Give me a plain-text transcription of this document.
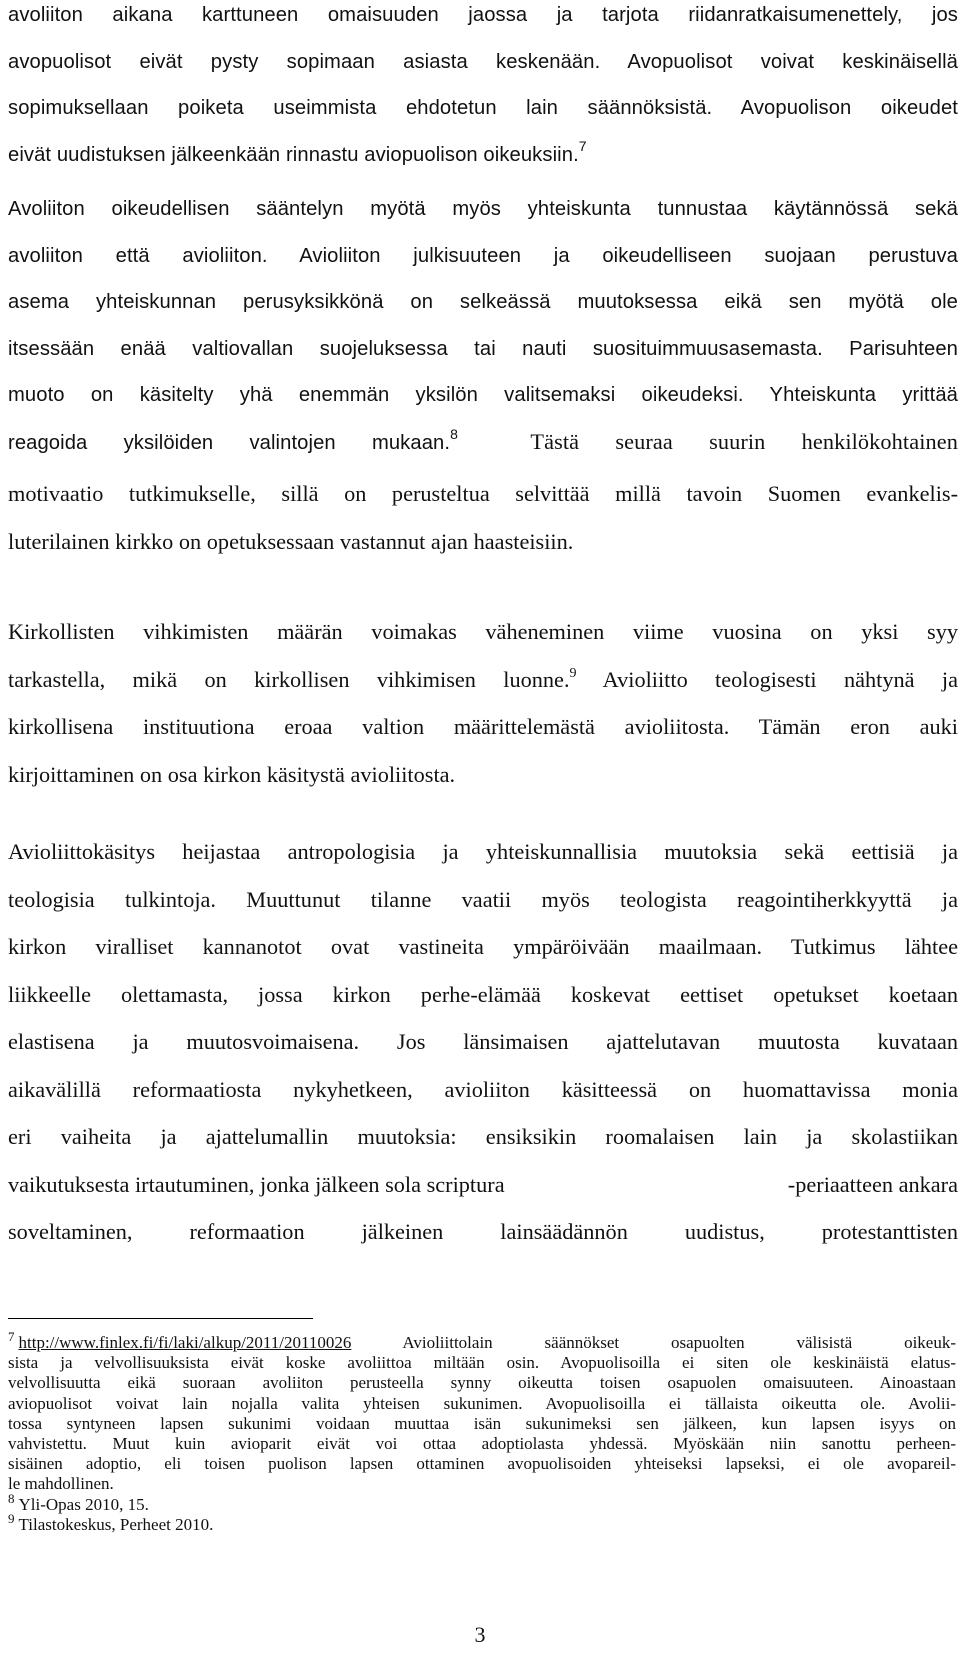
avoliiton aikana karttuneen omaisuuden jaossa ja tarjota riidanratkaisumenettely, jos
avopuolisot eivät pysty sopimaan asiasta keskenään. Avopuolisot voivat keskinäisellä
sopimuksellaan poiketa useimmista ehdotetun lain säännöksistä. Avopuolison oikeudet
eivät uudistuksen jälkeenkään rinnastu aviopuolison oikeuksiin.$^7$
Avoliiton oikeudellisen sääntelyn myötä myös yhteiskunta tunnustaa käytännössä sekä
avoliiton että avioliiton. Avioliiton julkisuuteen ja oikeudelliseen suojaan perustuva
asema yhteiskunnan perusyksikkönä on selkeässä muutoksessa eikä sen myötä ole
itsessään enää valtiovallan suojeluksessa tai nauti suosituimmuusasemasta. Parisuhteen
muoto on käsitelty yhä enemmän yksilön valitsemaksi oikeudeksi. Yhteiskunta yrittää
reagoida yksilöiden valintojen mukaan.$^8$	Tästä seuraa suurin henkilökohtainen
motivaatio tutkimukselle, sillä on perusteltua selvittää millä tavoin Suomen evankelis-
luterilainen kirkko on opetuksessaan vastannut ajan haasteisiin.
Kirkollisten vihkimisten määrän voimakas väheneminen viime vuosina on yksi syy
tarkastella, mikä on kirkollisen vihkimisen luonne.$^9$ Avioliitto teologisesti nähtynä ja
kirkollisena instituutiona eroaa valtion määrittelemästä avioliitosta. Tämän eron auki
kirjoittaminen on osa kirkon käsitystä avioliitosta.
Avioliittokäsitys heijastaa antropologisia ja yhteiskunnallisia muutoksia sekä eettisiä ja
teologisia tulkintoja. Muuttunut tilanne vaatii myös teologista reagointiherkkyyttä ja
kirkon viralliset kannanotot ovat vastineita ympäröivään maailmaan. Tutkimus lähtee
liikkeelle olettamasta, jossa kirkon perhe-elämää koskevat eettiset opetukset koetaan
elastisena ja muutosvoimaisena. Jos länsimaisen ajattelutavan muutosta kuvataan
aikavälillä reformaatiosta nykyhetkeen, avioliiton käsitteessä on huomattavissa monia
eri vaiheita ja ajattelumallin muutoksia: ensiksikin roomalaisen lain ja skolastiikan
vaikutuksesta irtautuminen, jonka jälkeen sola scriptura	-periaatteen ankara
soveltaminen, reformaation jälkeinen lainsäädännön uudistus, protestanttisten
$^7$ http://www.finlex.fi/fi/laki/alkup/2011/20110026	Avioliittolain säännökset osapuolten välisistä oikeuk-
sista ja velvollisuuksista eivät koske avoliittoa miltään osin. Avopuolisoilla ei siten ole keskinäistä elatus-
velvollisuutta eikä suoraan avoliiton perusteella synny oikeutta toisen osapuolen omaisuuteen. Ainoastaan
aviopuolisot voivat lain nojalla valita yhteisen sukunimen. Avopuolisoilla ei tällaista oikeutta ole. Avolii-
tossa syntyneen lapsen sukunimi voidaan muuttaa isän sukunimeksi sen jälkeen, kun lapsen isyys on
vahvistettu. Muut kuin avioparit eivät voi ottaa adoptiolasta yhdessä. Myöskään niin sanottu perheen-
sisäinen adoptio, eli toisen puolison lapsen ottaminen avopuolisoiden yhteiseksi lapseksi, ei ole avopareil-
le mahdollinen.
$^8$ Yli-Opas 2010, 15.
$^9$ Tilastokeskus, Perheet 2010.
3
